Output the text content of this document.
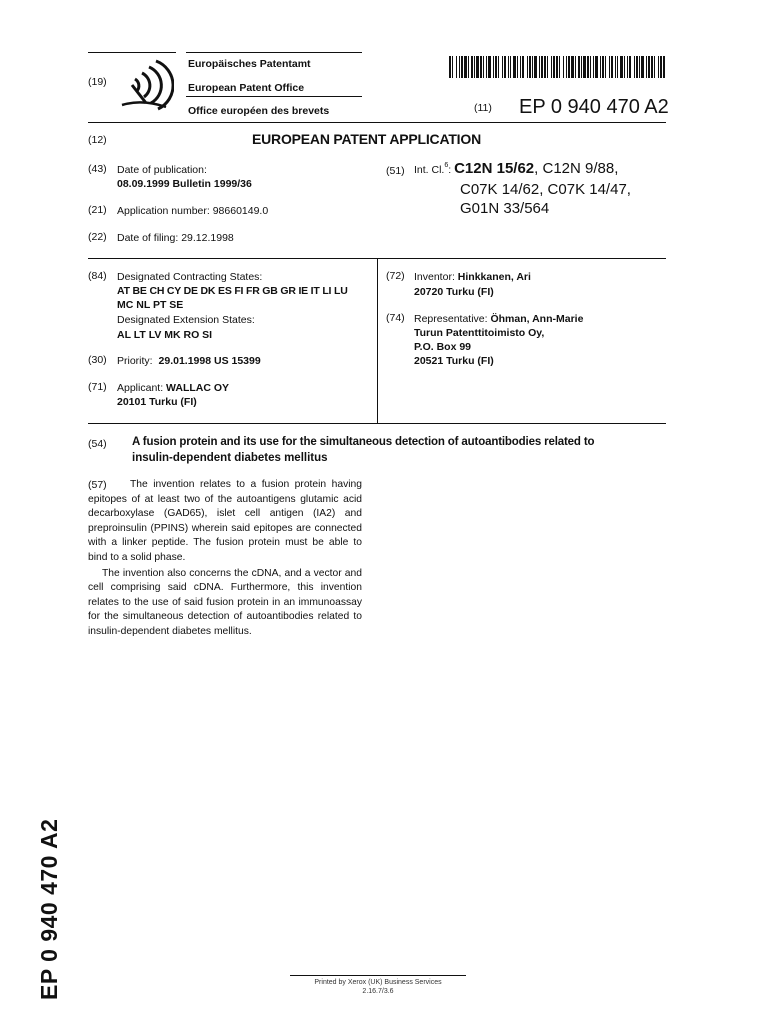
(19)
Europäisches Patentamt
European Patent Office
Office européen des brevets	(11) EP 0 940 470 A2
(12)	EUROPEAN PATENT APPLICATION
(43) Date of publication:
08.09.1999 Bulletin 1999/36
(21) Application number: 98660149.0
(22) Date of filing: 29.12.1998
(51) Int. Cl.$^6$: C12N 15/62, C12N 9/88,
C07K 14/62, C07K 14/47,
G01N 33/564
(84) Designated Contracting States:
AT BE CH CY DE DK ES FI FR GB GR IE IT LI LU
MC NL PT SE
Designated Extension States:
AL LT LV MK RO SI
(30) Priority: 29.01.1998 US 15399
(71) Applicant: WALLAC OY
20101 Turku (FI)
(72) Inventor: Hinkkanen, Ari
20720 Turku (FI)
(74) Representative: Öhman, Ann-Marie
Turun Patenttitoimisto Oy,
P.O. Box 99
20521 Turku (FI)
(54) A fusion protein and its use for the simultaneous detection of autoantibodies related to
insulin-dependent diabetes mellitus
(57)	The invention relates to a fusion protein having epitopes of at least two of the autoantigens glutamic acid decarboxylase (GAD65), islet cell antigen (IA2) and preproinsulin (PPINS) wherein said epitopes are connected with a linker peptide. The fusion protein must be able to bind to a solid phase.

The invention also concerns the cDNA, and a vector and cell comprising said cDNA. Furthermore, this invention relates to the use of said fusion protein in an immunoassay for the simultaneous detection of autoantibodies related to insulin-dependent diabetes mellitus.

EP 0 940 470 A2	Printed by Xerox (UK) Business Services
2.16.7/3.6
